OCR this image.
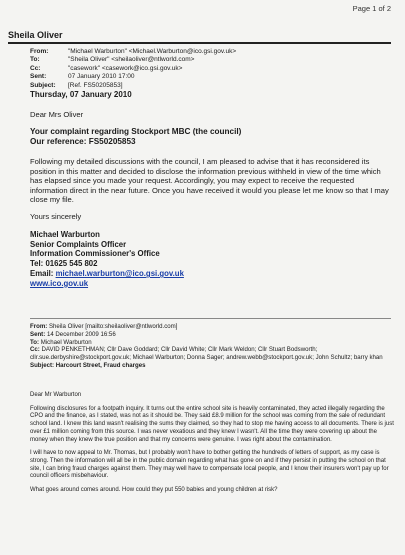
Page 1 of 2
Sheila Oliver
From:	"Michael Warburton" <Michael.Warburton@ico.gsi.gov.uk>
To:	"Sheila Oliver" <sheilaoliver@ntlworld.com>
Cc:	"casework" <casework@ico.gsi.gov.uk>
Sent:	07 January 2010 17:00
Subject:	[Ref. FS50205853]
Thursday, 07 January 2010

Dear Mrs Oliver

Your complaint regarding Stockport MBC (the council)
Our reference: FS50205853

Following my detailed discussions with the council, I am pleased to advise that it has reconsidered its position in this matter and decided to disclose the information previous withheld in view of the time which has elapsed since you made your request. Accordingly, you may expect to receive the requested information direct in the near future. Once you have received it would you please let me know so that I may close my file.

Yours sincerely

Michael Warburton
Senior Complaints Officer
Information Commissioner's Office
Tel: 01625 545 802
Email: michael.warburton@ico.gsi.gov.uk
www.ico.gov.uk
From: Sheila Oliver [mailto:sheilaoliver@ntlworld.com]
Sent: 14 December 2009 16:56
To: Michael Warburton
Cc: DAVID PENKETHMAN; Cllr Dave Goddard; Cllr David White; Cllr Mark Weldon; Cllr Stuart Bodsworth; cllr.sue.derbyshire@stockport.gov.uk; Michael Warburton; Donna Sager; andrew.webb@stockport.gov.uk; John Schultz; barry khan
Subject: Harcourt Street, Fraud charges

Dear Mr Warburton

Following disclosures for a footpath inquiry. It turns out the entire school site is heavily contaminated, they acted illegally regarding the CPO and the finance, as I stated, was not as it should be. They said £8.9 million for the school was coming from the sale of redundant school land. I knew this land wasn't realising the sums they claimed, so they had to stop me having access to all documents. There is just over £1 million coming from this source. I was never vexatious and they knew I wasn't. All the time they were covering up about the money when they knew the true position and that my concerns were genuine. I was right about the contamination.

I will have to now appeal to Mr. Thomas, but I probably won't have to bother getting the hundreds of letters of support, as my case is strong. Then the information will all be in the public domain regarding what has gone on and if they persist in putting the school on that site, I can bring fraud charges against them. They may well have to compensate local people, and I know their insurers won't pay up for council officers misbehaviour.

What goes around comes around. How could they put 550 babies and young children at risk?
